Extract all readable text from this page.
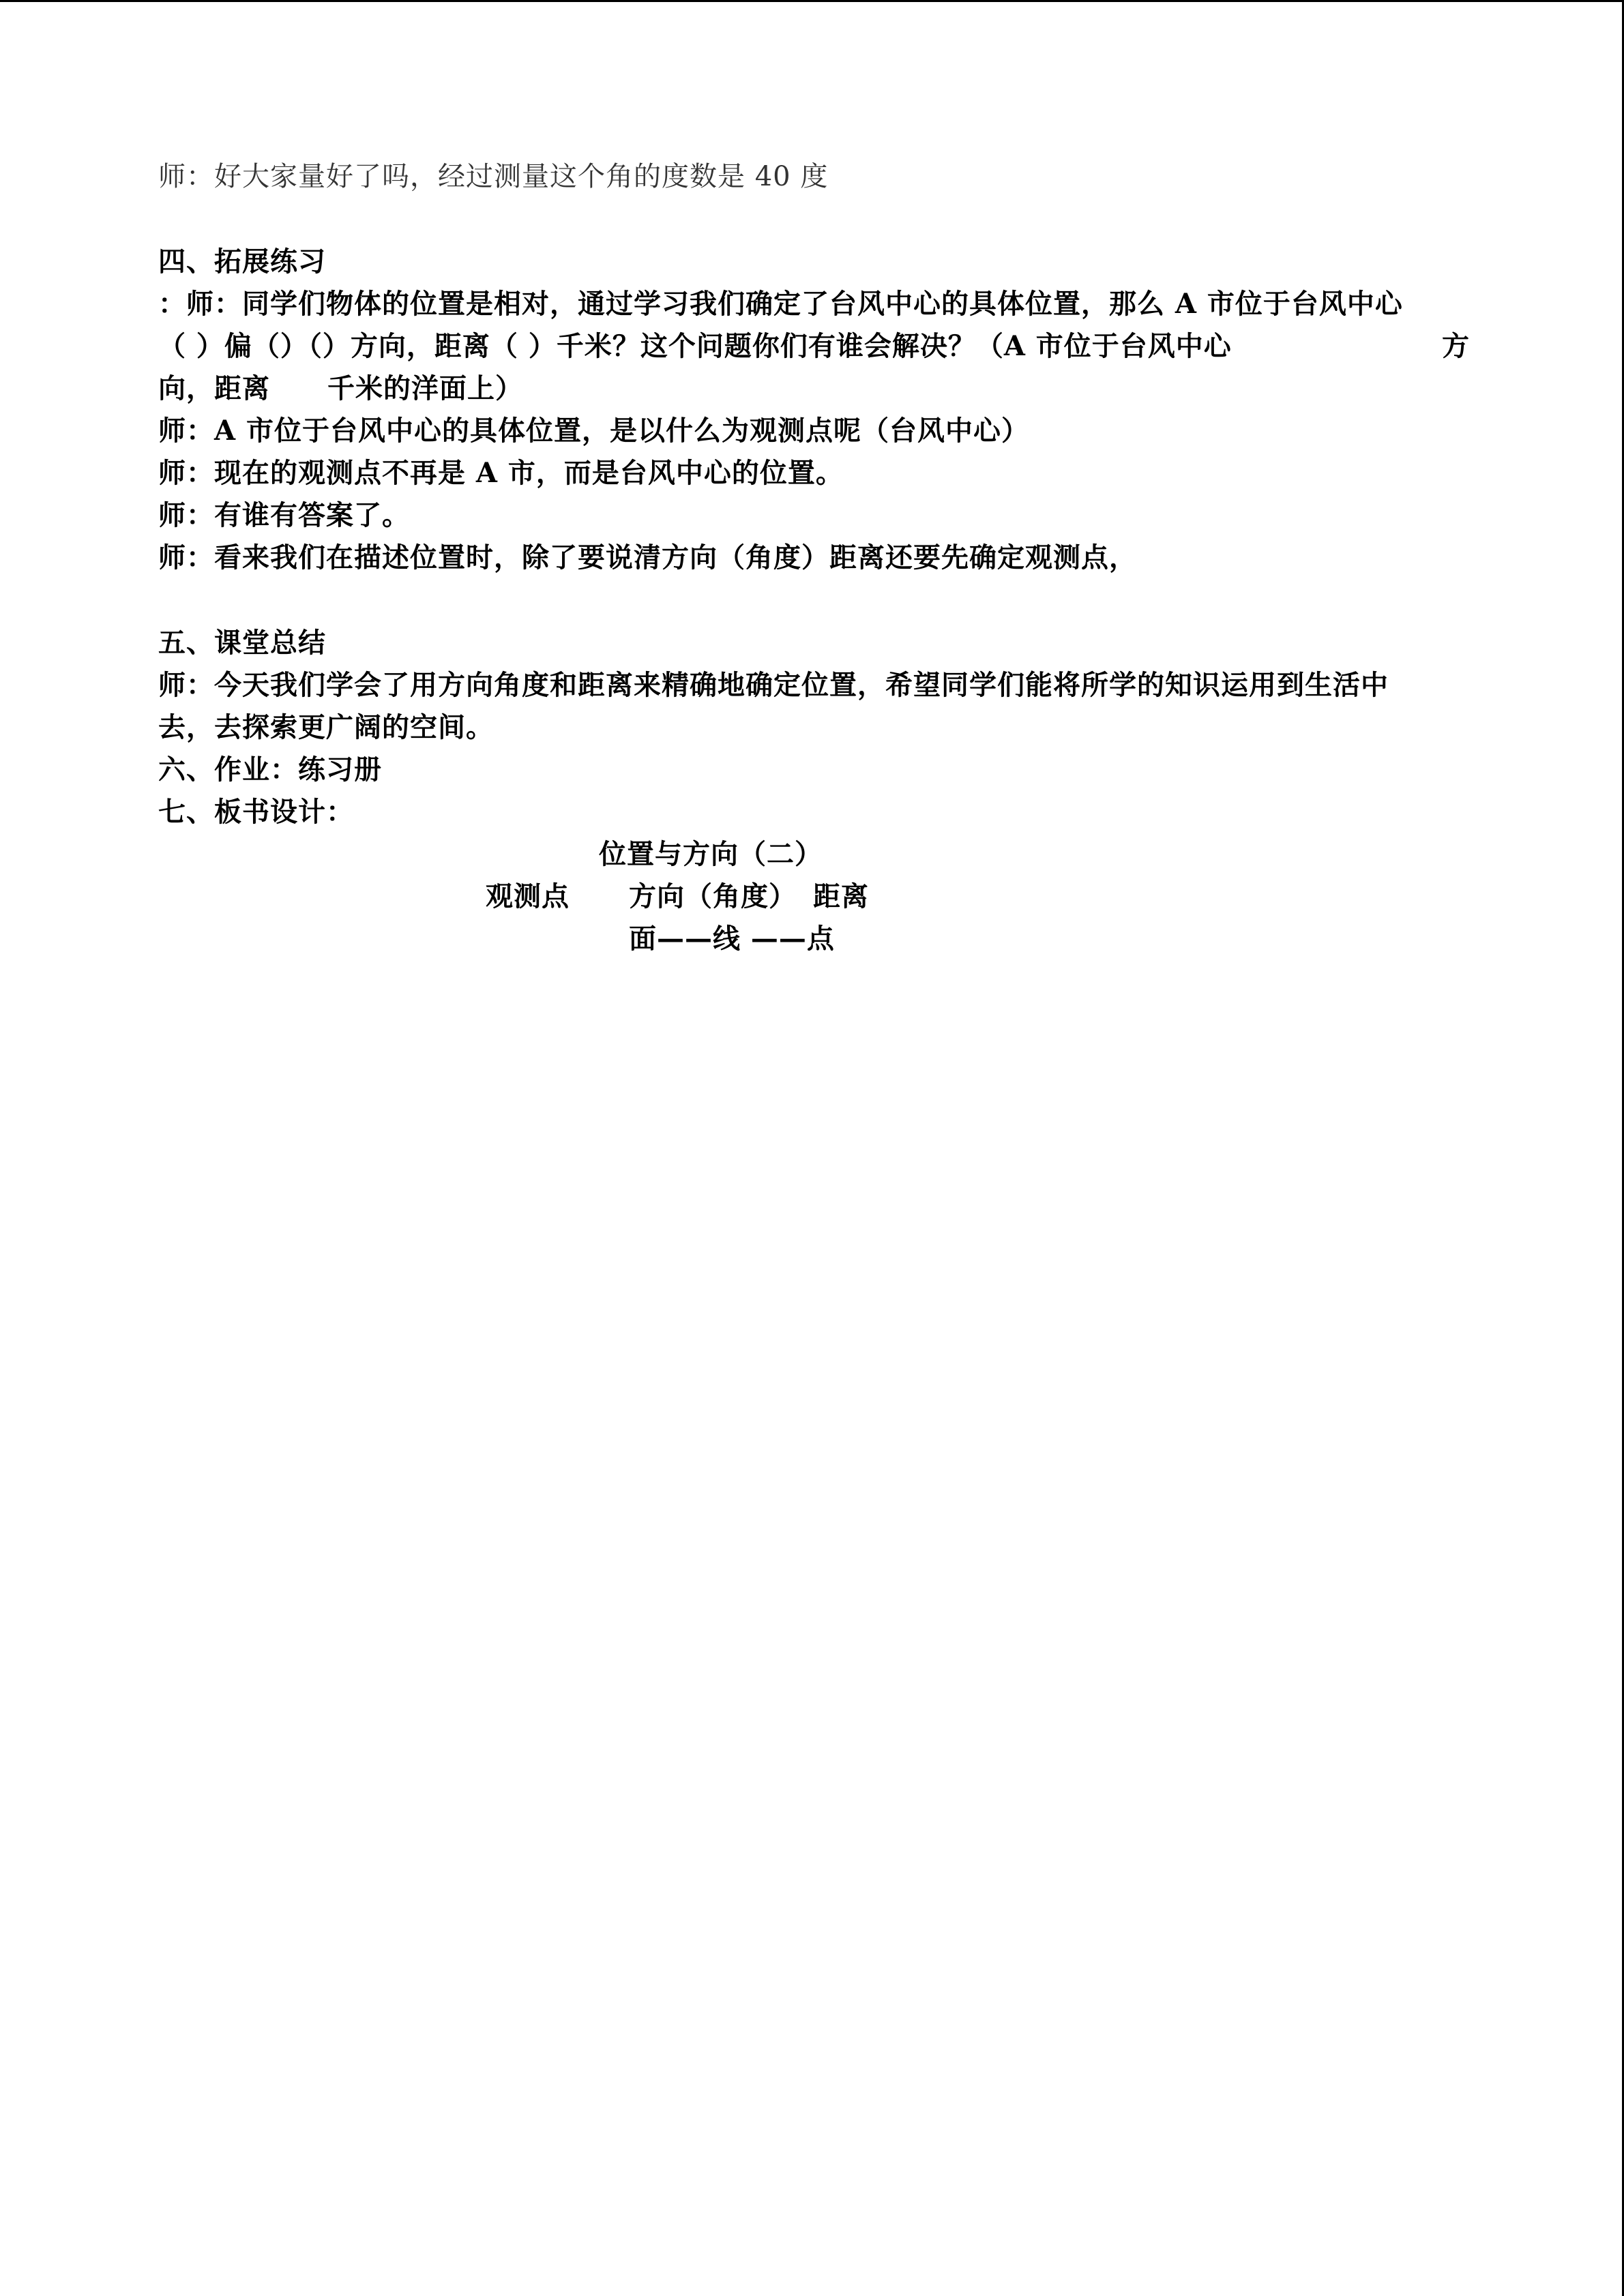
师：好大家量好了吗，经过测量这个角的度数是 40 度
四、拓展练习
：师：同学们物体的位置是相对，通过学习我们确定了台风中心的具体位置，那么 A 市位于台风中心
（ ）偏（）（）方向，距离（ ）千米？这个问题你们有谁会解决？（A 市位于台风中心	方
向，距离 千米的洋面上）
师：A 市位于台风中心的具体位置，是以什么为观测点呢（台风中心）
师：现在的观测点不再是 A 市，而是台风中心的位置。
师：有谁有答案了。
师：看来我们在描述位置时，除了要说清方向（角度）距离还要先确定观测点，
五、课堂总结
师：今天我们学会了用方向角度和距离来精确地确定位置，希望同学们能将所学的知识运用到生活中
去，去探索更广阔的空间。
六、作业：练习册
七、板书设计：
位置与方向（二）
观测点 方向（角度） 距离
面——线 ——点
